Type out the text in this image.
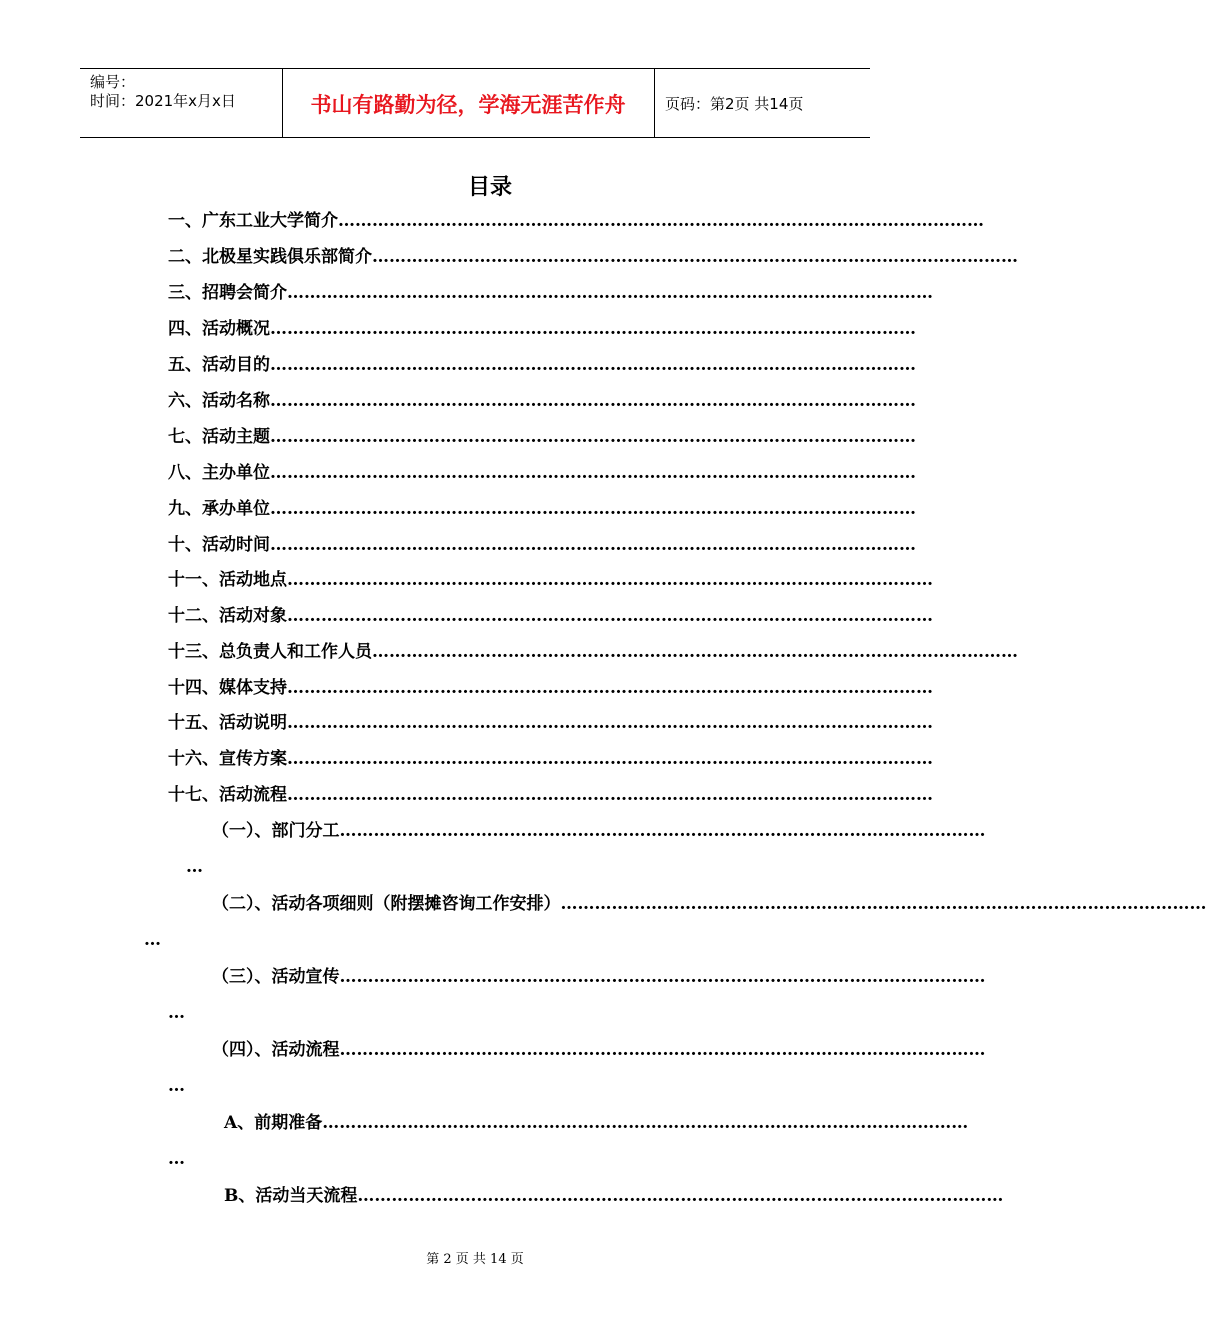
编号：
时间：2021年x月x日	书山有路勤为径，学海无涯苦作舟	页码：第2页 共14页
目录
一、广东工业大学简介……………………………………………………………………………………………………
二、北极星实践俱乐部简介……………………………………………………………………………………………………
三、招聘会简介……………………………………………………………………………………………………
四、活动概况……………………………………………………………………………………………………
五、活动目的……………………………………………………………………………………………………
六、活动名称……………………………………………………………………………………………………
七、活动主题……………………………………………………………………………………………………
八、主办单位……………………………………………………………………………………………………
九、承办单位……………………………………………………………………………………………………
十、活动时间……………………………………………………………………………………………………
十一、活动地点……………………………………………………………………………………………………
十二、活动对象……………………………………………………………………………………………………
十三、总负责人和工作人员……………………………………………………………………………………………………
十四、媒体支持……………………………………………………………………………………………………
十五、活动说明……………………………………………………………………………………………………
十六、宣传方案……………………………………………………………………………………………………
十七、活动流程……………………………………………………………………………………………………
（一）、部门分工……………………………………………………………………………………………………
…
（二）、活动各项细则（附摆摊咨询工作安排）……………………………………………………………………………………………………
…
（三）、活动宣传……………………………………………………………………………………………………
…
（四）、活动流程……………………………………………………………………………………………………
…
A、前期准备……………………………………………………………………………………………………
…
B、活动当天流程……………………………………………………………………………………………………
第 2 页 共 14 页
